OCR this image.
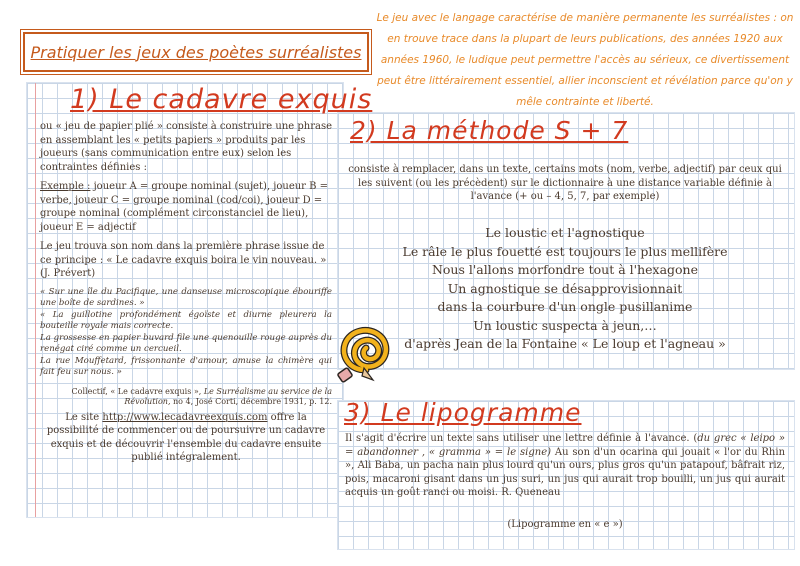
Pratiquer les jeux des poètes surréalistes
Le jeu avec le langage caractérise de manière permanente les surréalistes : on en trouve trace dans la plupart de leurs publications, des années 1920 aux années 1960, le ludique peut permettre l'accès au sérieux, ce divertissement peut être littérairement essentiel, allier inconscient et révélation parce qu'on y mêle contrainte et liberté.
1) Le cadavre exquis

ou « jeu de papier plié » consiste à construire une phrase en assemblant les « petits papiers » produits par les joueurs (sans communication entre eux) selon les contraintes définies :

Exemple : joueur A = groupe nominal (sujet), joueur B = verbe, joueur C = groupe nominal (cod/coi), joueur D = groupe nominal (complément circonstanciel de lieu), joueur E = adjectif

Le jeu trouva son nom dans la première phrase issue de ce principe : « Le cadavre exquis boira le vin nouveau. » (J. Prévert)

« Sur une île du Pacifique, une danseuse microscopique ébouriffe une boîte de sardines. »
« La guillotine profondément égoïste et diurne pleurera la bouteille royale mais correcte.
La grossesse en papier buvard file une quenouille rouge auprès du renégat ciré comme un cercueil.
La rue Mouffetard, frissonnante d'amour, amuse la chimère qui fait feu sur nous. »
Collectif, « Le cadavre exquis », Le Surréalisme au service de la Révolution, no 4, José Corti, décembre 1931, p. 12.
Le site http://www.lecadavreexquis.com offre la possibilité de commencer ou de poursuivre un cadavre exquis et de découvrir l'ensemble du cadavre ensuite publié intégralement.
2) La méthode S + 7
consiste à remplacer, dans un texte, certains mots (nom, verbe, adjectif) par ceux qui les suivent (ou les précèdent) sur le dictionnaire à une distance variable définie à l'avance (+ ou – 4, 5, 7, par exemple)
Le loustic et l'agnostique
Le râle le plus fouetté est toujours le plus mellifère
Nous l'allons morfondre tout à l'hexagone
Un agnostique se désapprovisionnait
dans la courbure d'un ongle pusillanime
Un loustic suspecta à jeun,…
d'après Jean de la Fontaine « Le loup et l'agneau »
3) Le lipogramme
Il s'agit d'écrire un texte sans utiliser une lettre définie à l'avance. (du grec « leipo » = abandonner , « gramma » = le signe) Au son d'un ocarina qui jouait « l'or du Rhin », Ali Baba, un pacha nain plus lourd qu'un ours, plus gros qu'un patapouf, bâfrait riz, pois, macaroni gisant dans un jus suri, un jus qui aurait trop bouilli, un jus qui aurait acquis un goût ranci ou moisi. R. Queneau
(Lipogramme en « e »)
